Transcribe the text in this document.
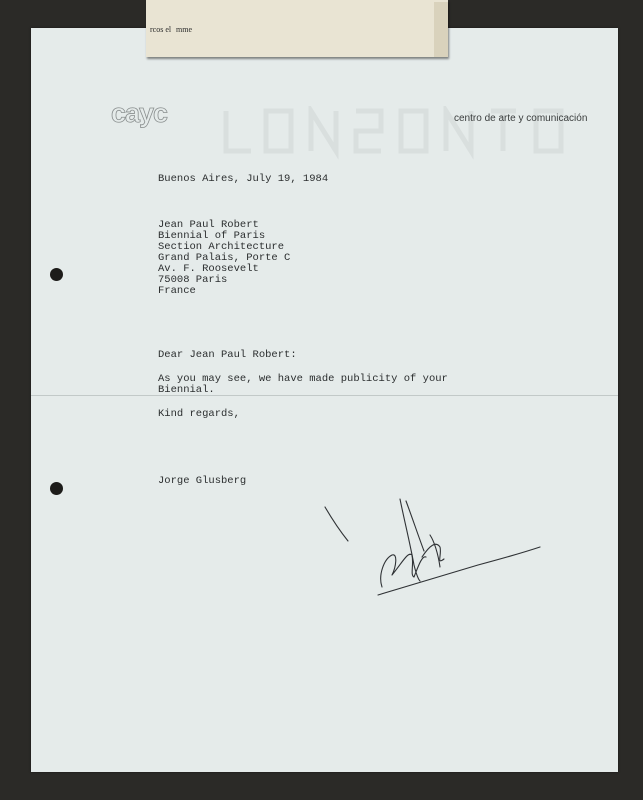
cayc	centro de arte y comunicación
Buenos Aires, July 19, 1984
Jean Paul Robert
Biennial of Paris
Section Architecture
Grand Palais, Porte C
Av. F. Roosevelt
75008 Paris
France
Dear Jean Paul Robert:
As you may see, we have made publicity of your
Biennial.
Kind regards,
Jorge Glusberg

rcos el

mme
